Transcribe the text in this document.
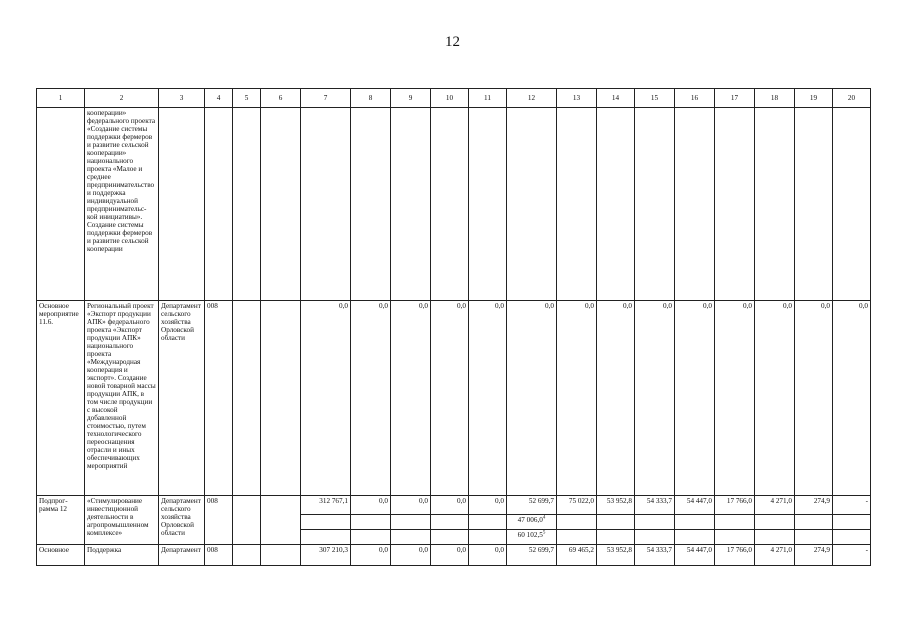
12
1	2	3	4	5	6	7	8	9	10	11	12	13	14	15	16	17	18	19	20
	кооперации» федерального проекта «Создание системы поддержки фермеров и развитие сельской кооперации» национального проекта «Малое и среднее предпринимательство и поддержка индивидуальной предпринимательс-кой инициативы». Создание системы поддержки фермеров и развитие сельской кооперации																		
Основное мероприятие 11.6.	Региональный проект «Экспорт продукции АПК» федерального проекта «Экспорт продукции АПК» национального проекта «Международная кооперация и экспорт». Создание новой товарной массы продукции АПК, в том числе продукции с высокой добавленной стоимостью, путем технологического переоснащения отрасли и иных обеспечивающих мероприятий	Департамент сельского хозяйства Орловской области	008			0,0	0,0	0,0	0,0	0,0	0,0	0,0	0,0	0,0	0,0	0,0	0,0	0,0	0,0
Подпрог-рамма 12	«Стимулирование инвестиционной деятельности в агропромышленном комплексе»	Департамент сельского хозяйства Орловской области	008			312 767,1	0,0	0,0	0,0	0,0	52 699,7	75 022,0	53 952,8	54 333,7	54 447,0	17 766,0	4 271,0	274,9	-
											47 006,0$^4$								
											60 102,5$^5$								
Основное	Поддержка	Департамент	008			307 210,3	0,0	0,0	0,0	0,0	52 699,7	69 465,2	53 952,8	54 333,7	54 447,0	17 766,0	4 271,0	274,9	-
